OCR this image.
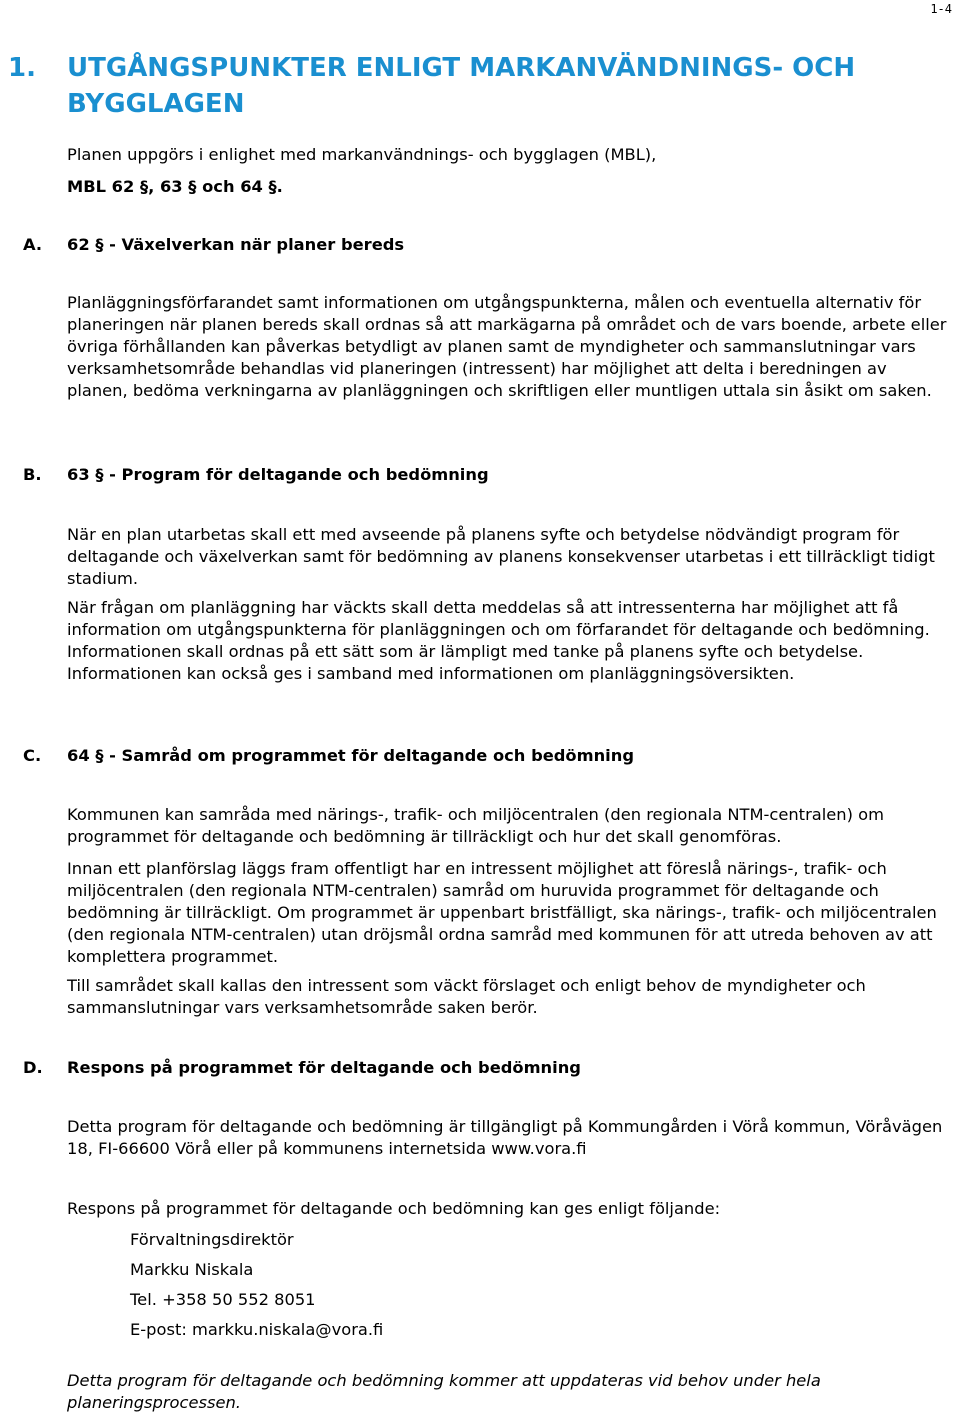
1-4
1. UTGÅNGSPUNKTER ENLIGT MARKANVÄNDNINGS- OCH BYGGLAGEN
Planen uppgörs i enlighet med markanvändnings- och bygglagen (MBL),
MBL 62 §, 63 § och 64 §.
A. 62 § - Växelverkan när planer bereds
Planläggningsförfarandet samt informationen om utgångspunkterna, målen och eventuella alternativ för planeringen när planen bereds skall ordnas så att markägarna på området och de vars boende, arbete eller övriga förhållanden kan påverkas betydligt av planen samt de myndigheter och sammanslutningar vars verksamhetsområde behandlas vid planeringen (intressent) har möjlighet att delta i beredningen av planen, bedöma verkningarna av planläggningen och skriftligen eller muntligen uttala sin åsikt om saken.
B. 63 § - Program för deltagande och bedömning
När en plan utarbetas skall ett med avseende på planens syfte och betydelse nödvändigt program för deltagande och växelverkan samt för bedömning av planens konsekvenser utarbetas i ett tillräckligt tidigt stadium.
När frågan om planläggning har väckts skall detta meddelas så att intressenterna har möjlighet att få information om utgångspunkterna för planläggningen och om förfarandet för deltagande och bedömning. Informationen skall ordnas på ett sätt som är lämpligt med tanke på planens syfte och betydelse. Informationen kan också ges i samband med informationen om planläggningsöversikten.
C. 64 § - Samråd om programmet för deltagande och bedömning
Kommunen kan samråda med närings-, trafik- och miljöcentralen (den regionala NTM-centralen) om programmet för deltagande och bedömning är tillräckligt och hur det skall genomföras.
Innan ett planförslag läggs fram offentligt har en intressent möjlighet att föreslå närings-, trafik- och miljöcentralen (den regionala NTM-centralen) samråd om huruvida programmet för deltagande och bedömning är tillräckligt. Om programmet är uppenbart bristfälligt, ska närings-, trafik- och miljöcentralen (den regionala NTM-centralen) utan dröjsmål ordna samråd med kommunen för att utreda behoven av att komplettera programmet.
Till samrådet skall kallas den intressent som väckt förslaget och enligt behov de myndigheter och sammanslutningar vars verksamhetsområde saken berör.
D. Respons på programmet för deltagande och bedömning
Detta program för deltagande och bedömning är tillgängligt på Kommungården i Vörå kommun, Vöråvägen 18, FI-66600 Vörå eller på kommunens internetsida www.vora.fi
Respons på programmet för deltagande och bedömning kan ges enligt följande:
Förvaltningsdirektör
Markku Niskala
Tel. +358 50 552 8051
E-post: markku.niskala@vora.fi
Detta program för deltagande och bedömning kommer att uppdateras vid behov under hela planeringsprocessen.
